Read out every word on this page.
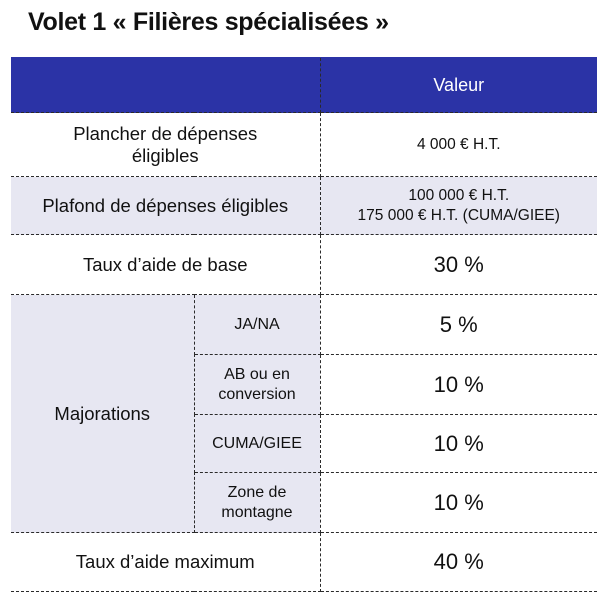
Volet 1 « Filières spécialisées »
		Valeur

Plancher de dépenses éligibles		4 000 € H.T.
Plafond de dépenses éligibles		100 000 € H.T.
175 000 € H.T. (CUMA/GIEE)

Taux d’aide de base		30 %
Majorations	JA/NA	5 %

	AB ou en conversion	10 %
	CUMA/GIEE	10 %

	Zone de montagne	10 %
Taux d’aide maximum		40 %
